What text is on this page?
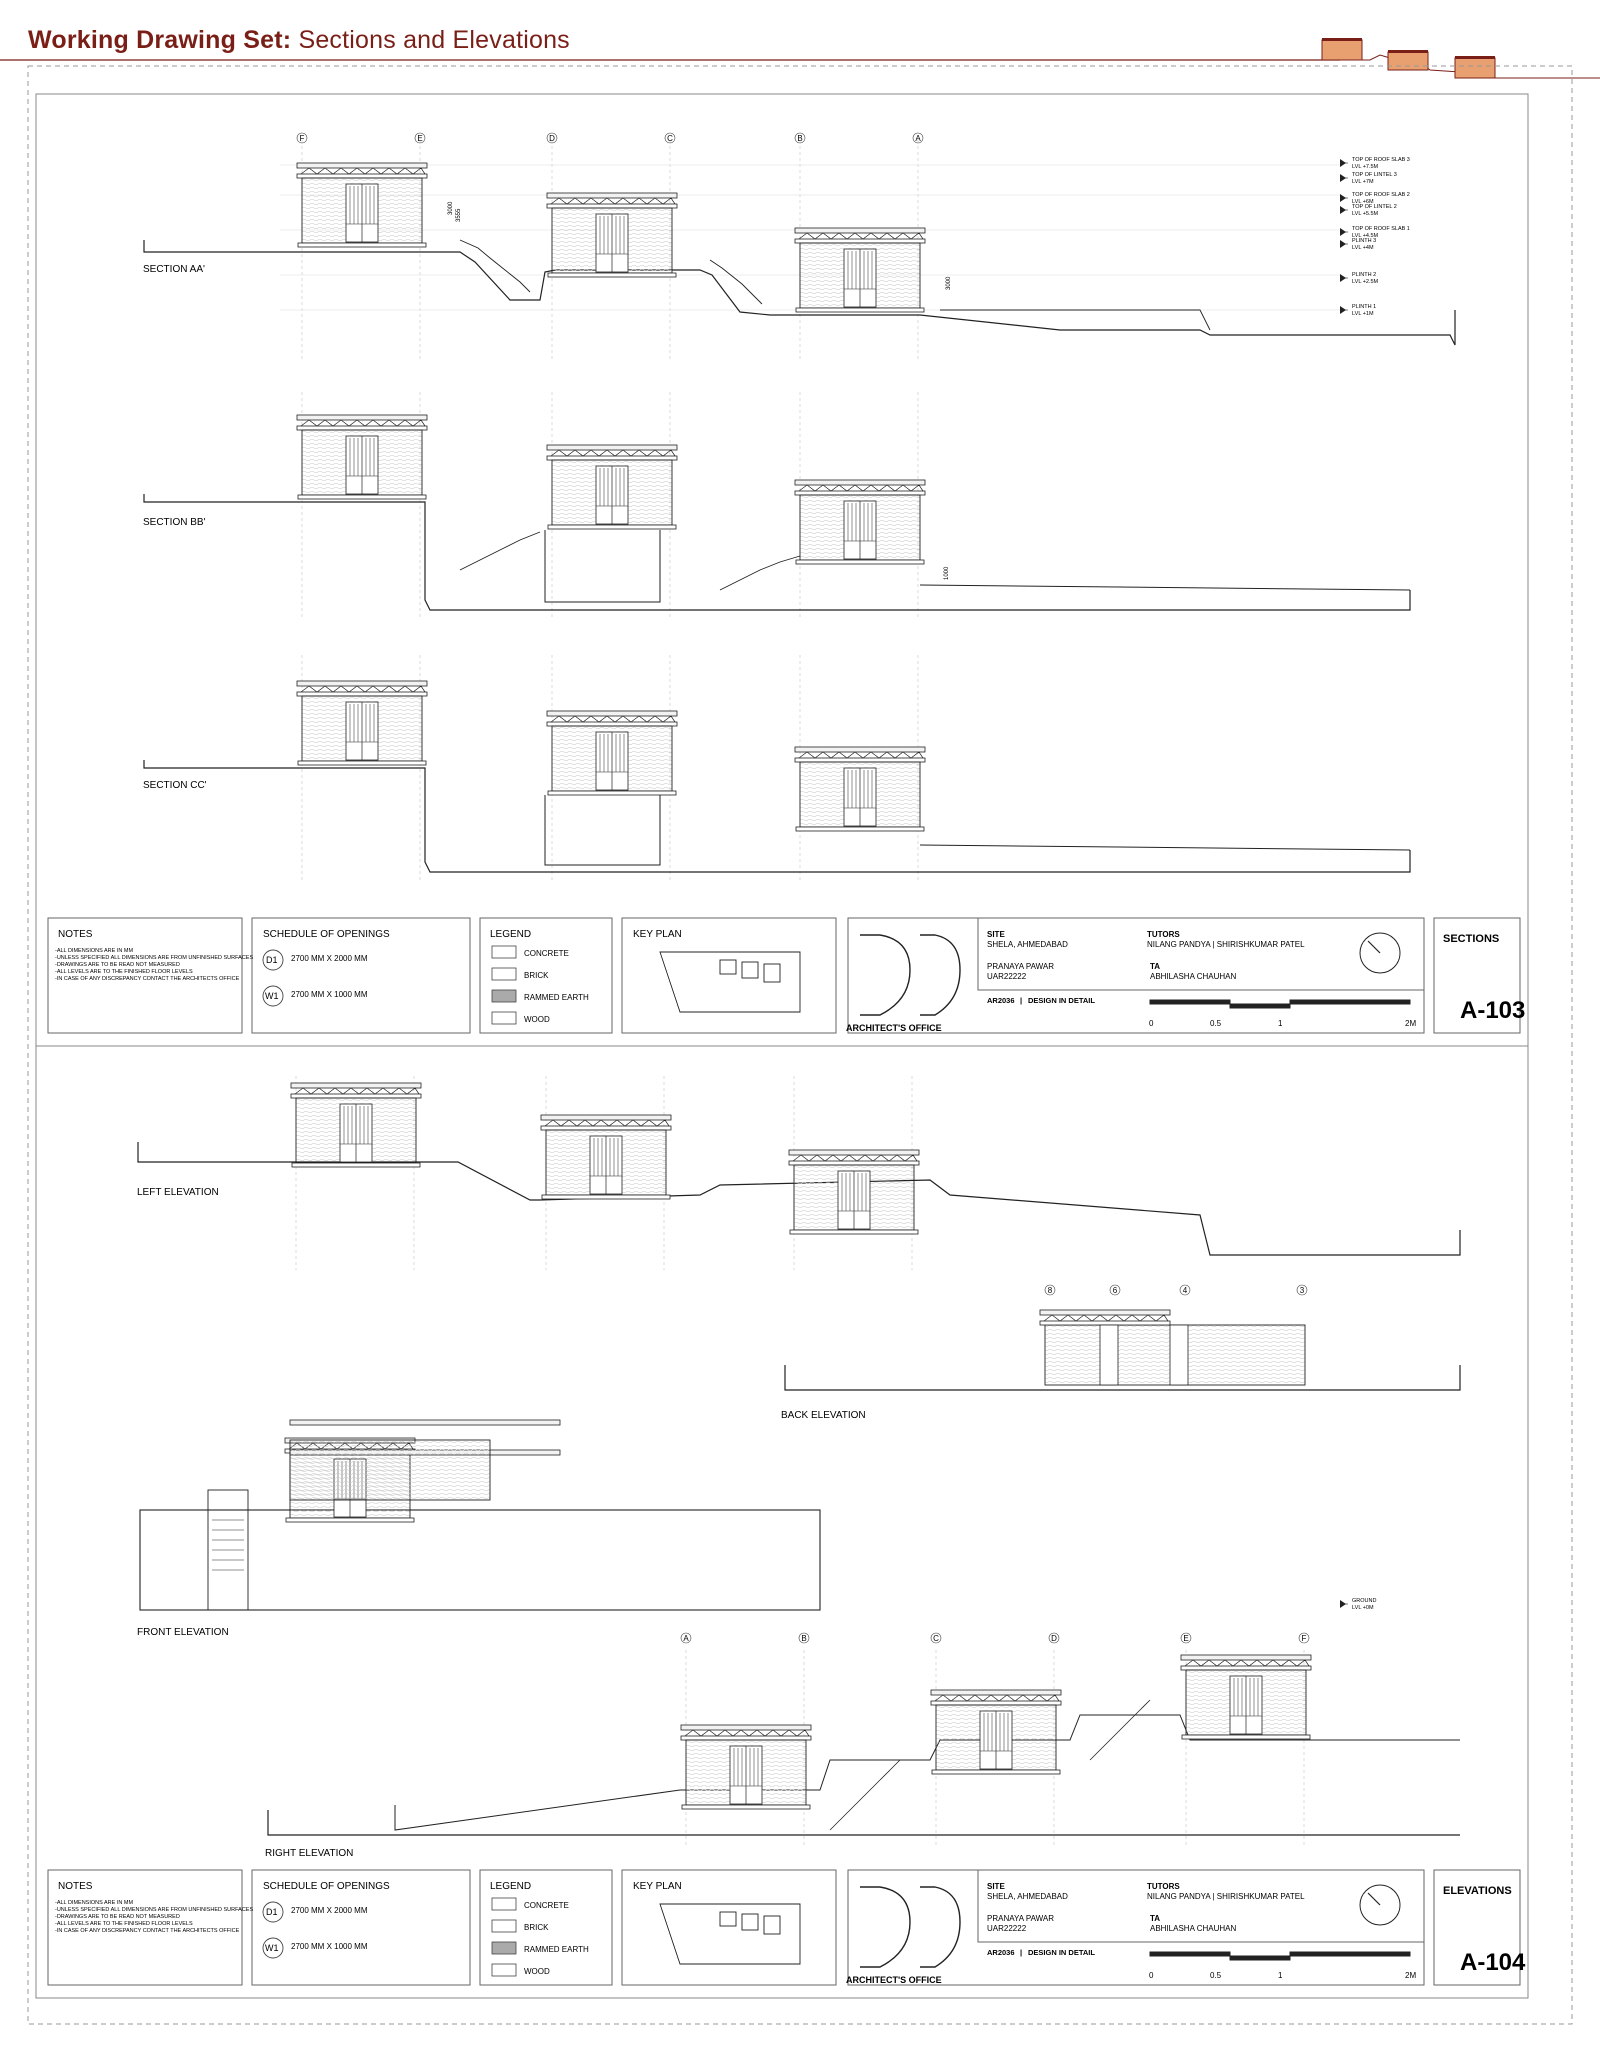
Working Drawing Set: Sections and Elevations
SECTION AA'
SECTION BB'
SECTION CC'
LEFT ELEVATION
BACK ELEVATION
FRONT ELEVATION
RIGHT ELEVATION
F	E	D	C	B	A
8	6	4	3
A	B	C	D	E	F
TOP OF ROOF SLAB 3
LVL +7.5M
TOP OF LINTEL 3
LVL +7M
TOP OF ROOF SLAB 2
LVL +6M
TOP OF LINTEL 2
LVL +5.5M
TOP OF ROOF SLAB 1
LVL +4.5M
PLINTH 3
LVL +4M
PLINTH 2
LVL +2.5M
PLINTH 1
LVL +1M
GROUND
LVL +0M
3000
3555
3000
1000
NOTES
-ALL DIMENSIONS ARE IN MM
-UNLESS SPECIFIED ALL DIMENSIONS ARE FROM UNFINISHED SURFACES
-DRAWINGS ARE TO BE READ NOT MEASURED
-ALL LEVELS ARE TO THE FINISHED FLOOR LEVELS
-IN CASE OF ANY DISCREPANCY CONTACT THE ARCHITECTS OFFICE
SCHEDULE OF OPENINGS
D1 2700 MM X 2000 MM
W1 2700 MM X 1000 MM
LEGEND
CONCRETE
BRICK
RAMMED EARTH
WOOD
KEY PLAN
ARCHITECT'S OFFICE
SITE
SHELA, AHMEDABAD
PRANAYA PAWAR
UAR22222
AR2036 | DESIGN IN DETAIL
TUTORS
NILANG PANDYA | SHIRISHKUMAR PATEL
TA
ABHILASHA CHAUHAN
0	0.5	1	2M
SECTIONS
A-103
NOTES
-ALL DIMENSIONS ARE IN MM
-UNLESS SPECIFIED ALL DIMENSIONS ARE FROM UNFINISHED SURFACES
-DRAWINGS ARE TO BE READ NOT MEASURED
-ALL LEVELS ARE TO THE FINISHED FLOOR LEVELS
-IN CASE OF ANY DISCREPANCY CONTACT THE ARCHITECTS OFFICE
SCHEDULE OF OPENINGS
D1 2700 MM X 2000 MM
W1 2700 MM X 1000 MM
LEGEND
CONCRETE
BRICK
RAMMED EARTH
WOOD
KEY PLAN
ARCHITECT'S OFFICE
SITE
SHELA, AHMEDABAD
PRANAYA PAWAR
UAR22222
AR2036 | DESIGN IN DETAIL
TUTORS
NILANG PANDYA | SHIRISHKUMAR PATEL
TA
ABHILASHA CHAUHAN
0	0.5	1	2M
ELEVATIONS
A-104
